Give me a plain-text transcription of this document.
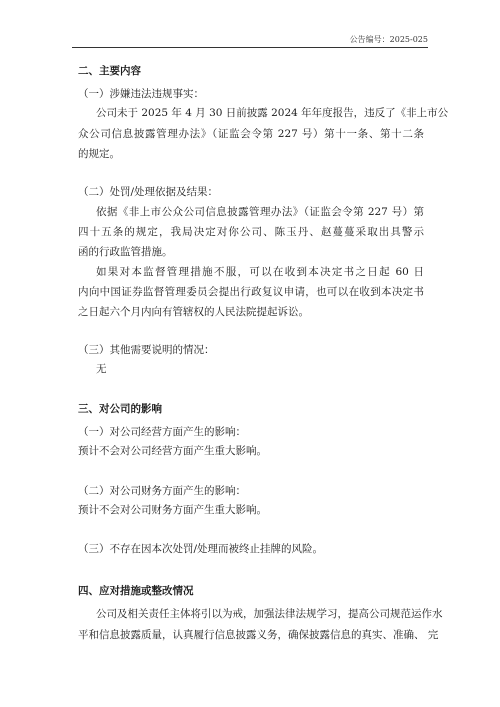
公告编号：2025-025
二、主要内容
（一）涉嫌违法违规事实：
公司未于 2025 年 4 月 30 日前披露 2024 年年度报告，违反了《非上市公
众公司信息披露管理办法》（证监会令第 227 号）第十一条、第十二条
的规定。
（二）处罚/处理依据及结果：
依据《非上市公众公司信息披露管理办法》（证监会令第 227 号）第
四十五条的规定，我局决定对你公司、陈玉丹、赵蔓蔓采取出具警示
函的行政监管措施。
如果对本监督管理措施不服，可以在收到本决定书之日起 60 日
内向中国证券监督管理委员会提出行政复议申请，也可以在收到本决定书
之日起六个月内向有管辖权的人民法院提起诉讼。
（三）其他需要说明的情况：
无
三、对公司的影响
（一）对公司经营方面产生的影响：
预计不会对公司经营方面产生重大影响。
（二）对公司财务方面产生的影响：
预计不会对公司财务方面产生重大影响。
（三）不存在因本次处罚/处理而被终止挂牌的风险。
四、应对措施或整改情况
公司及相关责任主体将引以为戒，加强法律法规学习，提高公司规范运作水
平和信息披露质量，认真履行信息披露义务，确保披露信息的真实、准确、 完
